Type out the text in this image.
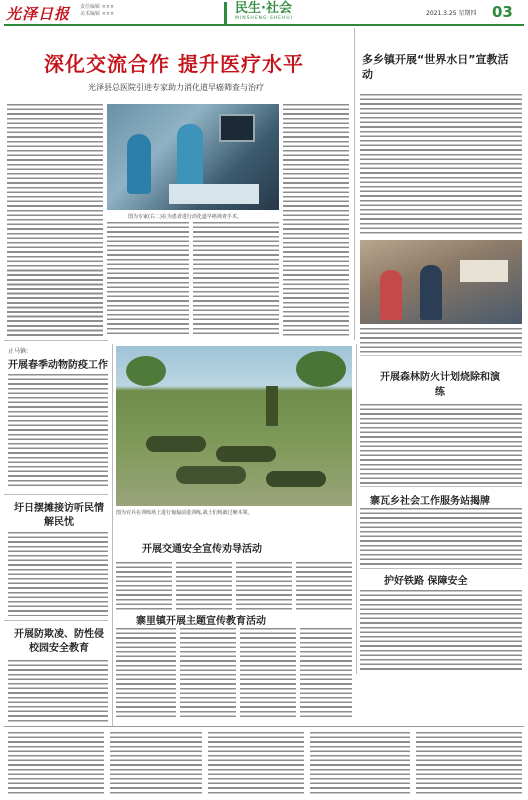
光泽日报 责任编辑 ×××
美术编辑 ×××	民生·社会
MINSHENG·SHEHUI
2021.3.25 星期四 03
深化交流合作 提升医疗水平
光泽县总医院引进专家助力消化道早癌筛查与治疗
图为专家(右二)在为患者进行消化道早癌筛查手术。
多乡镇开展“世界水日”宣教活动
止马镇:
开展春季动物防疫工作
圩日摆摊接访听民情解民忧
开展防欺凌、防性侵校园安全教育
图为官兵在训练场上进行匍匐前进训练,战士们练就过硬本领。
开展森林防火计划烧除和演练
寨瓦乡社会工作服务站揭牌
护好铁路 保障安全
开展交通安全宣传劝导活动
寨里镇开展主题宣传教育活动
